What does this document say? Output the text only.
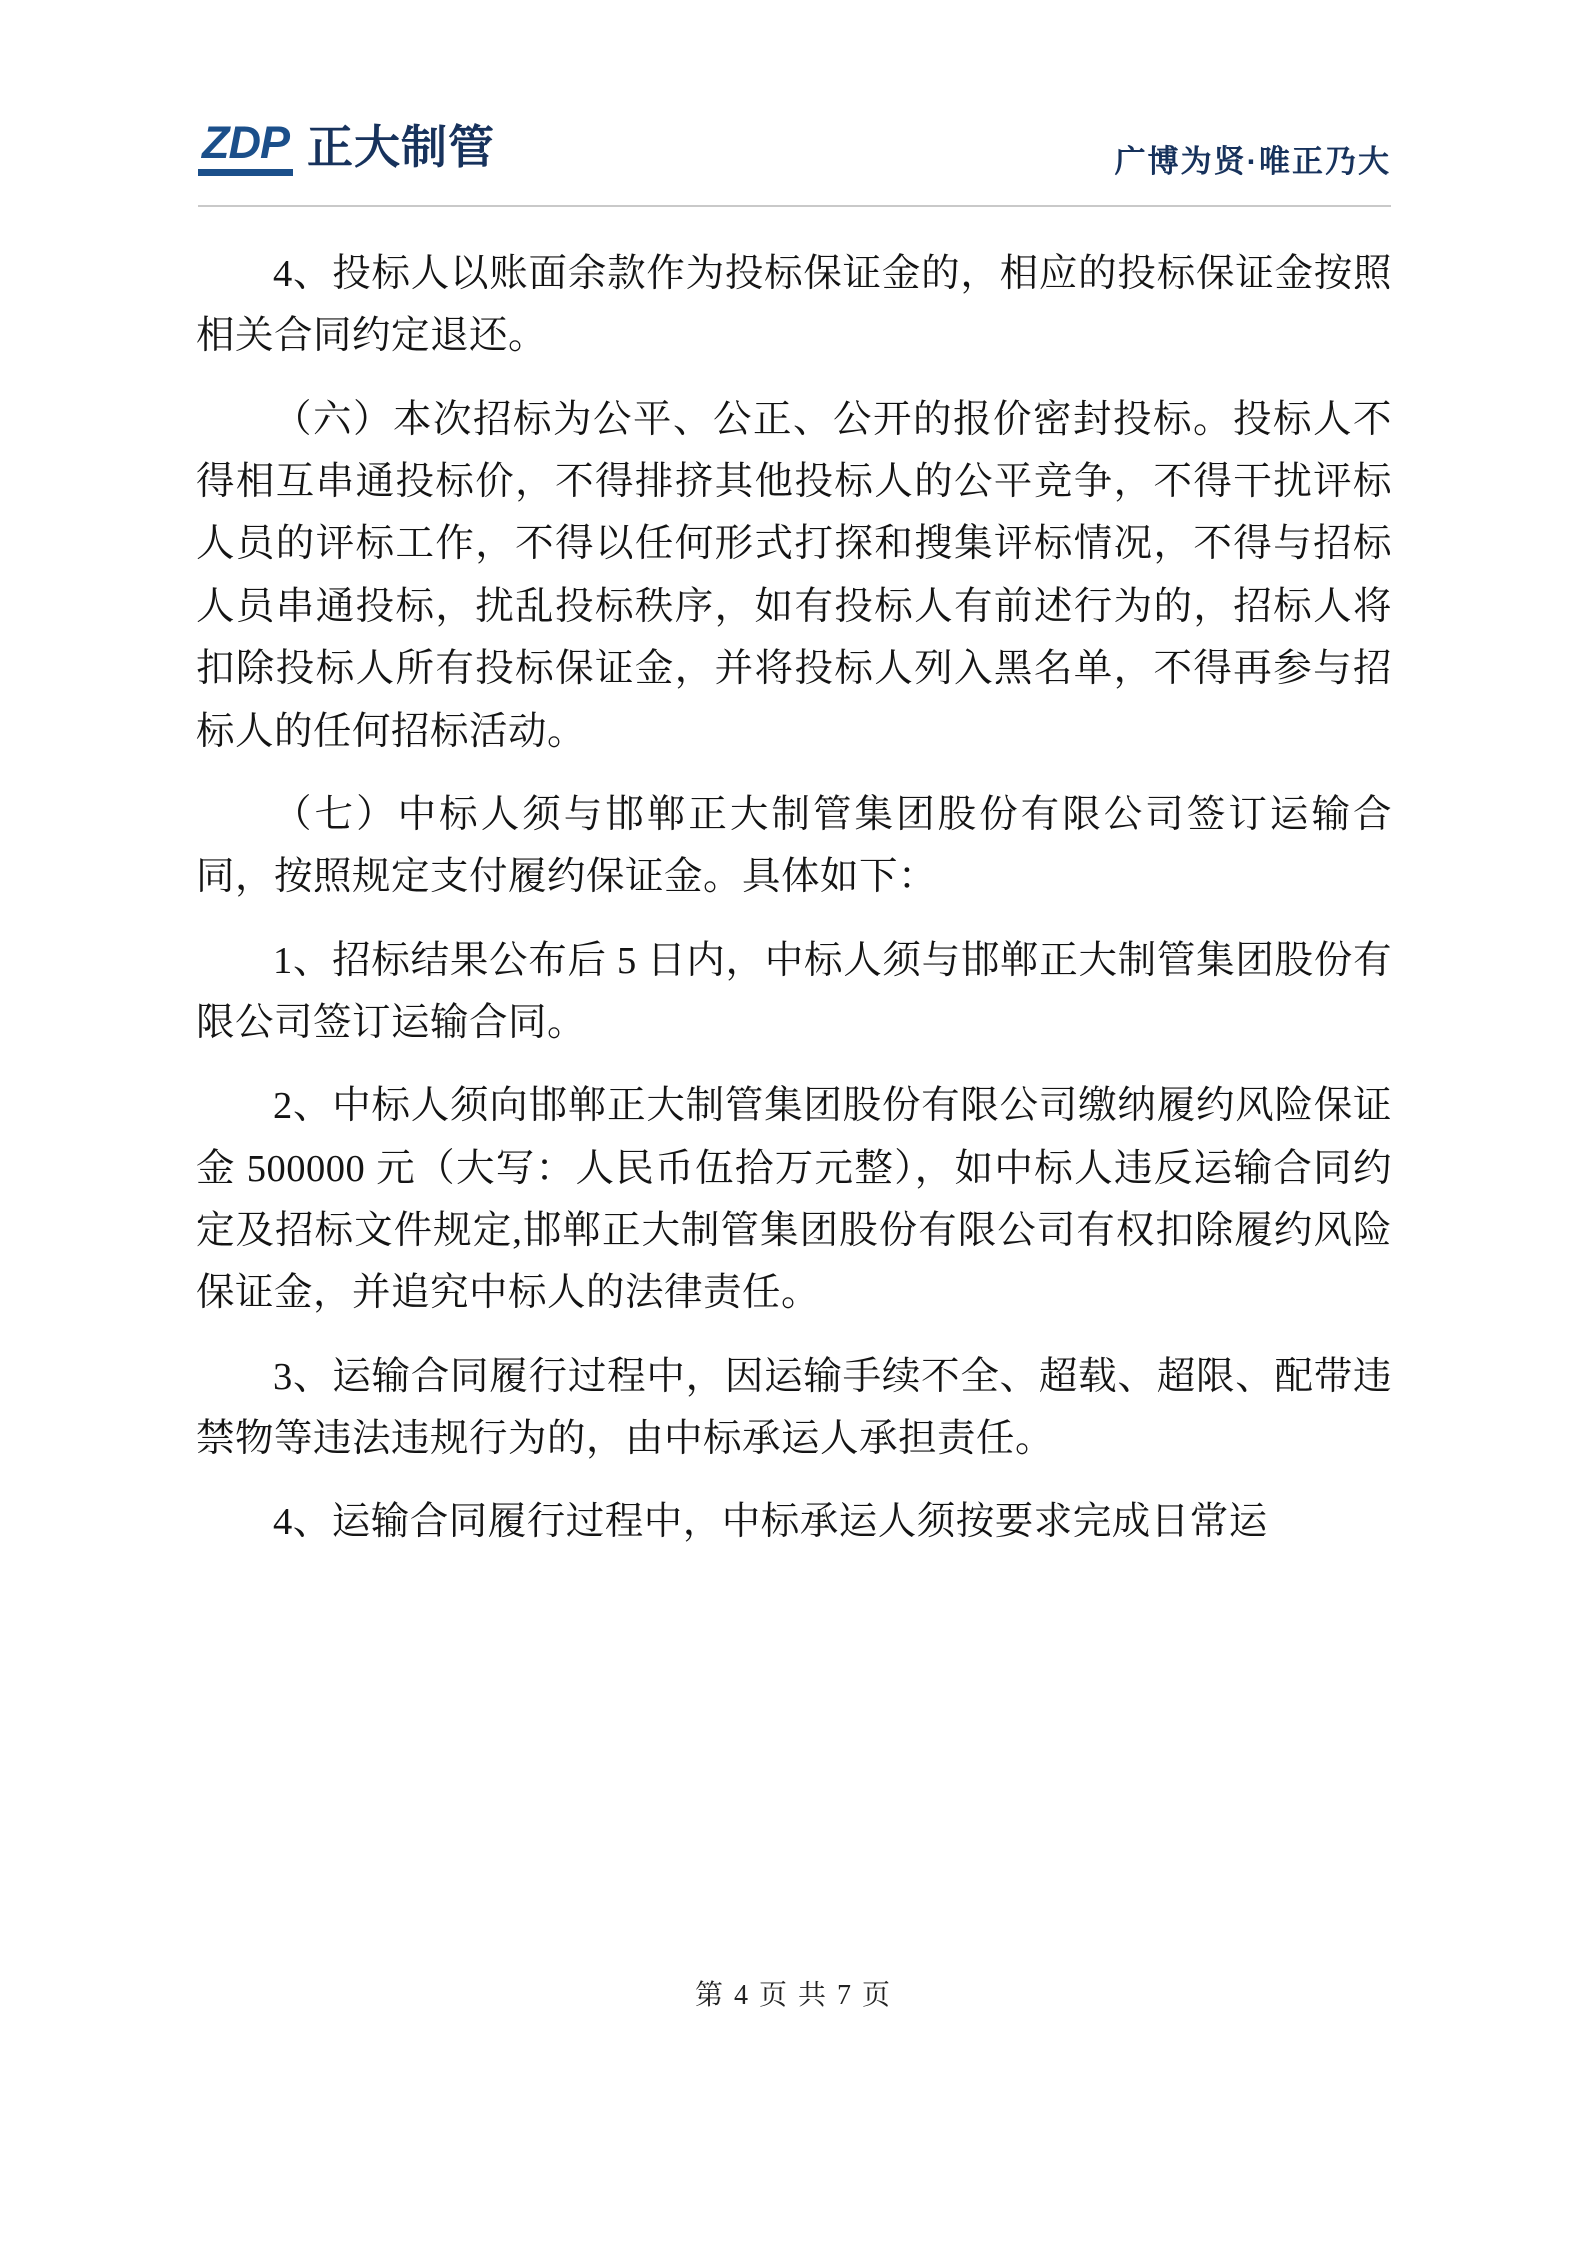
ZDP 正大制管	广博为贤·唯正乃大

4、投标人以账面余款作为投标保证金的，相应的投标保证金按照相关合同约定退还。

（六）本次招标为公平、公正、公开的报价密封投标。投标人不得相互串通投标价，不得排挤其他投标人的公平竞争，不得干扰评标人员的评标工作，不得以任何形式打探和搜集评标情况，不得与招标人员串通投标，扰乱投标秩序，如有投标人有前述行为的，招标人将扣除投标人所有投标保证金，并将投标人列入黑名单，不得再参与招标人的任何招标活动。

（七）中标人须与邯郸正大制管集团股份有限公司签订运输合同，按照规定支付履约保证金。具体如下：

1、招标结果公布后 5 日内，中标人须与邯郸正大制管集团股份有限公司签订运输合同。

2、中标人须向邯郸正大制管集团股份有限公司缴纳履约风险保证金 500000 元（大写：人民币伍拾万元整），如中标人违反运输合同约定及招标文件规定,邯郸正大制管集团股份有限公司有权扣除履约风险保证金，并追究中标人的法律责任。

3、运输合同履行过程中，因运输手续不全、超载、超限、配带违禁物等违法违规行为的，由中标承运人承担责任。

4、运输合同履行过程中，中标承运人须按要求完成日常运

第 4 页 共 7 页
